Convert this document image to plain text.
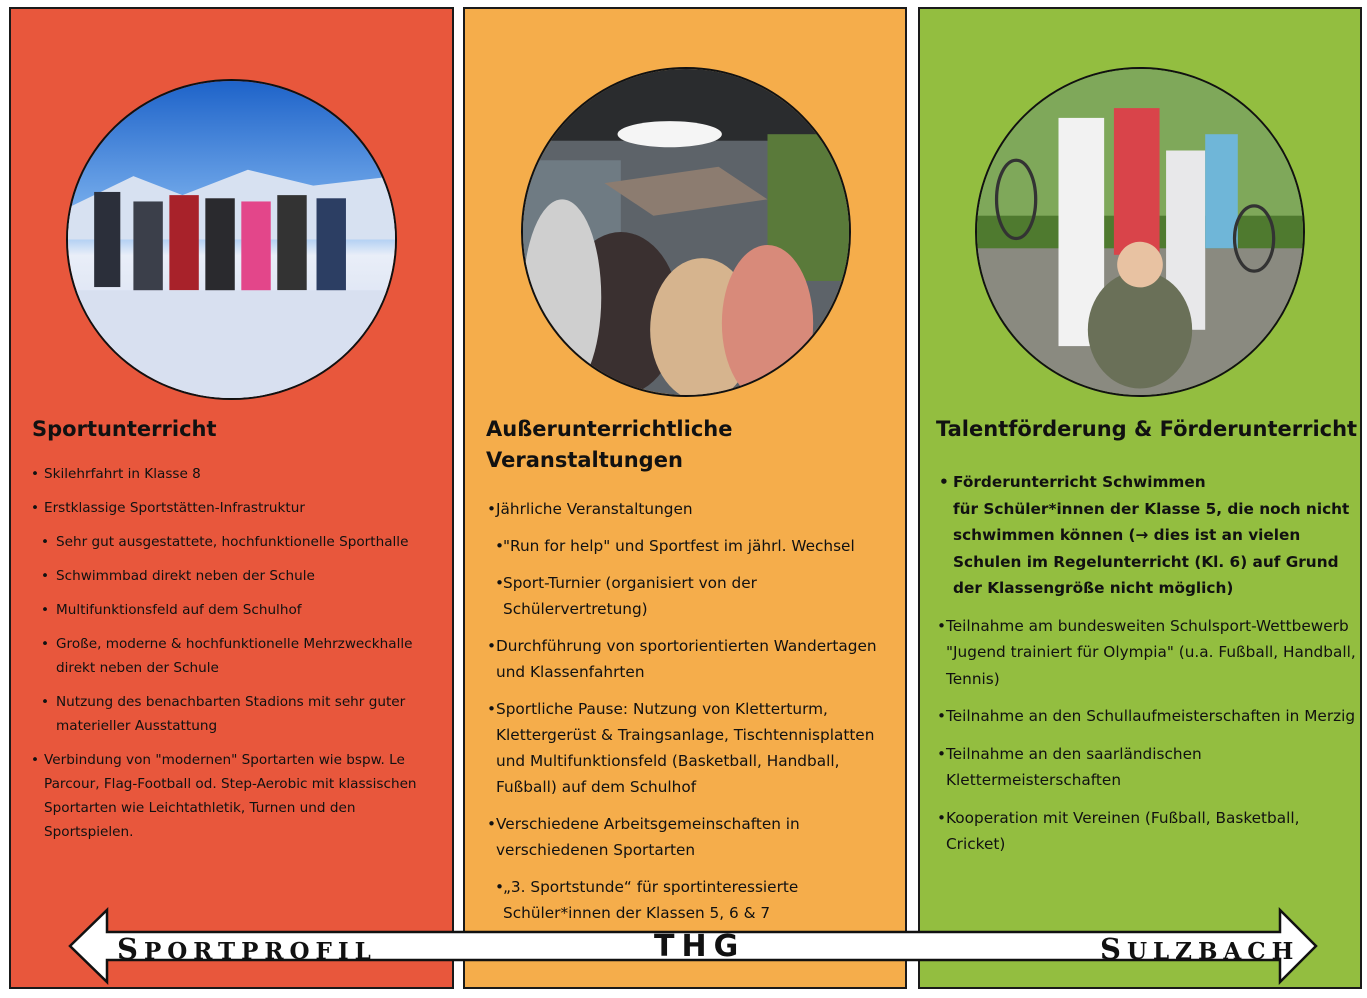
Sportunterricht
• Skilehrfahrt in Klasse 8
• Erstklassige Sportstätten-Infrastruktur
• Sehr gut ausgestattete, hochfunktionelle Sporthalle
• Schwimmbad direkt neben der Schule
• Multifunktionsfeld auf dem Schulhof
• Große, moderne & hochfunktionelle Mehrzweckhalle direkt neben der Schule
• Nutzung des benachbarten Stadions mit sehr guter materieller Ausstattung
• Verbindung von "modernen" Sportarten wie bspw. Le Parcour, Flag-Football od. Step-Aerobic mit klassischen Sportarten wie Leichtathletik, Turnen und den Sportspielen.
Außerunterrichtliche Veranstaltungen
• Jährliche Veranstaltungen
• "Run for help" und Sportfest im jährl. Wechsel
• Sport-Turnier (organisiert von der Schülervertretung)
• Durchführung von sportorientierten Wandertagen und Klassenfahrten
• Sportliche Pause: Nutzung von Kletterturm, Klettergerüst & Traingsanlage, Tischtennisplatten und Multifunktionsfeld (Basketball, Handball, Fußball) auf dem Schulhof
• Verschiedene Arbeitsgemeinschaften in verschiedenen Sportarten
• „3. Sportstunde“ für sportinteressierte Schüler*innen der Klassen 5, 6 & 7
Talentförderung & Förderunterricht
• Förderunterricht Schwimmen
für Schüler*innen der Klasse 5, die noch nicht schwimmen können (→ dies ist an vielen Schulen im Regelunterricht (Kl. 6) auf Grund der Klassengröße nicht möglich)
• Teilnahme am bundesweiten Schulsport-Wettbewerb "Jugend trainiert für Olympia" (u.a. Fußball, Handball, Tennis)
• Teilnahme an den Schullaufmeisterschaften in Merzig
• Teilnahme an den saarländischen Klettermeisterschaften
• Kooperation mit Vereinen (Fußball, Basketball, Cricket)
SPORTPROFIL	THG	SULZBACH
